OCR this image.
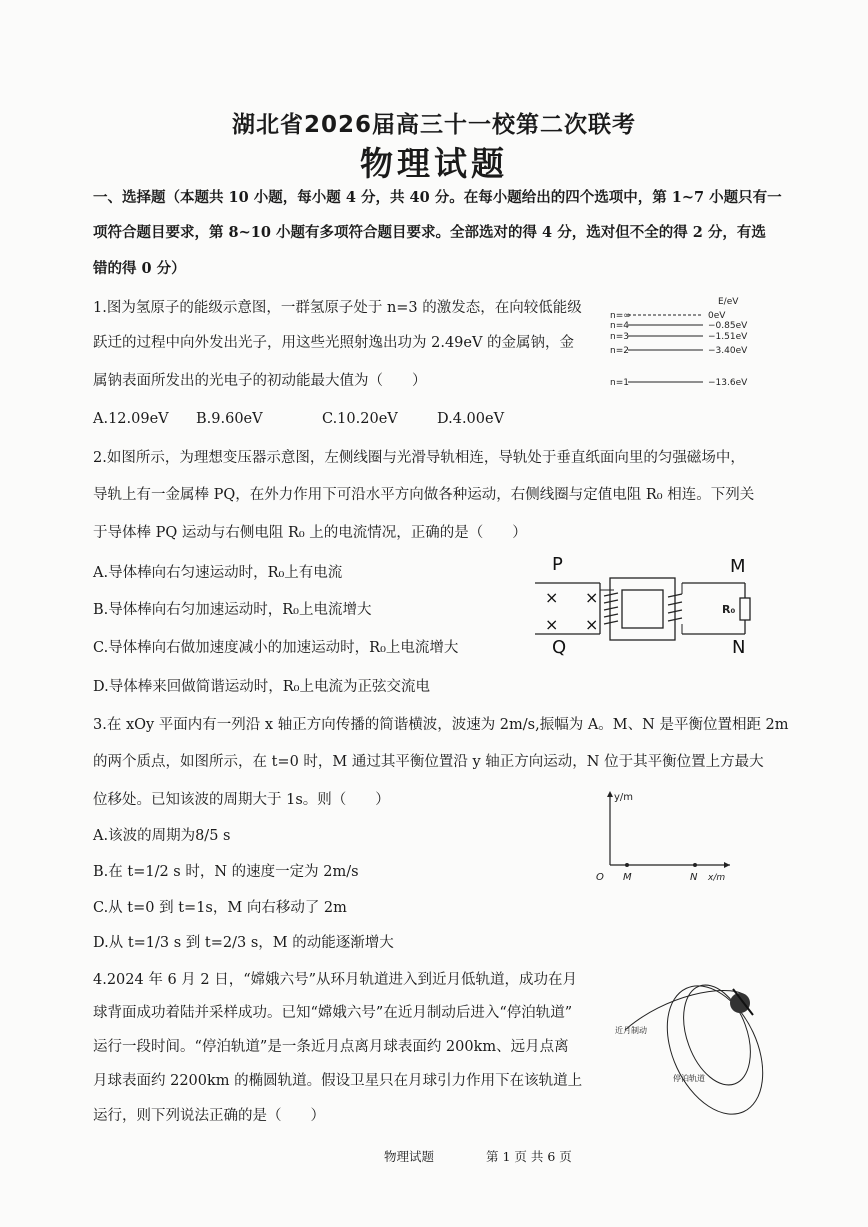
湖北省2026届高三十一校第二次联考
物理试题
一、选择题（本题共 10 小题，每小题 4 分，共 40 分。在每小题给出的四个选项中，第 1~7 小题只有一
项符合题目要求，第 8~10 小题有多项符合题目要求。全部选对的得 4 分，选对但不全的得 2 分，有选
错的得 0 分）
1.图为氢原子的能级示意图，一群氢原子处于 n=3 的激发态，在向较低能级
跃迁的过程中向外发出光子，用这些光照射逸出功为 2.49eV 的金属钠，金
属钠表面所发出的光电子的初动能最大值为（　　）
A.12.09eV B.9.60eV	C.10.20eV	D.4.00eV
E/eV
n=∞
n=4
n=3
n=2
n=1
0eV
−0.85eV
−1.51eV
−3.40eV
−13.6eV
2.如图所示，为理想变压器示意图，左侧线圈与光滑导轨相连，导轨处于垂直纸面向里的匀强磁场中，
导轨上有一金属棒 PQ，在外力作用下可沿水平方向做各种运动，右侧线圈与定值电阻 R₀ 相连。下列关
于导体棒 PQ 运动与右侧电阻 R₀ 上的电流情况，正确的是（　　）
A.导体棒向右匀速运动时，R₀上有电流
B.导体棒向右匀加速运动时，R₀上电流增大
C.导体棒向右做加速度减小的加速运动时，R₀上电流增大
D.导体棒来回做简谐运动时，R₀上电流为正弦交流电
P
Q
M
N
×
×
×
×
R₀
3.在 xOy 平面内有一列沿 x 轴正方向传播的简谐横波，波速为 2m/s,振幅为 A。M、N 是平衡位置相距 2m
的两个质点，如图所示，在 t=0 时，M 通过其平衡位置沿 y 轴正方向运动，N 位于其平衡位置上方最大
位移处。已知该波的周期大于 1s。则（　　）
A.该波的周期为8/5 s
B.在 t=1/2 s 时，N 的速度一定为 2m/s
C.从 t=0 到 t=1s，M 向右移动了 2m
D.从 t=1/3 s 到 t=2/3 s，M 的动能逐渐增大
y/m
O M	N x/m
4.2024 年 6 月 2 日，“嫦娥六号”从环月轨道进入到近月低轨道，成功在月
球背面成功着陆并采样成功。已知“嫦娥六号”在近月制动后进入“停泊轨道”
运行一段时间。“停泊轨道”是一条近月点离月球表面约 200km、远月点离
月球表面约 2200km 的椭圆轨道。假设卫星只在月球引力作用下在该轨道上
运行，则下列说法正确的是（　　）
近月制动
停泊轨道
物理试题	第 1 页 共 6 页
